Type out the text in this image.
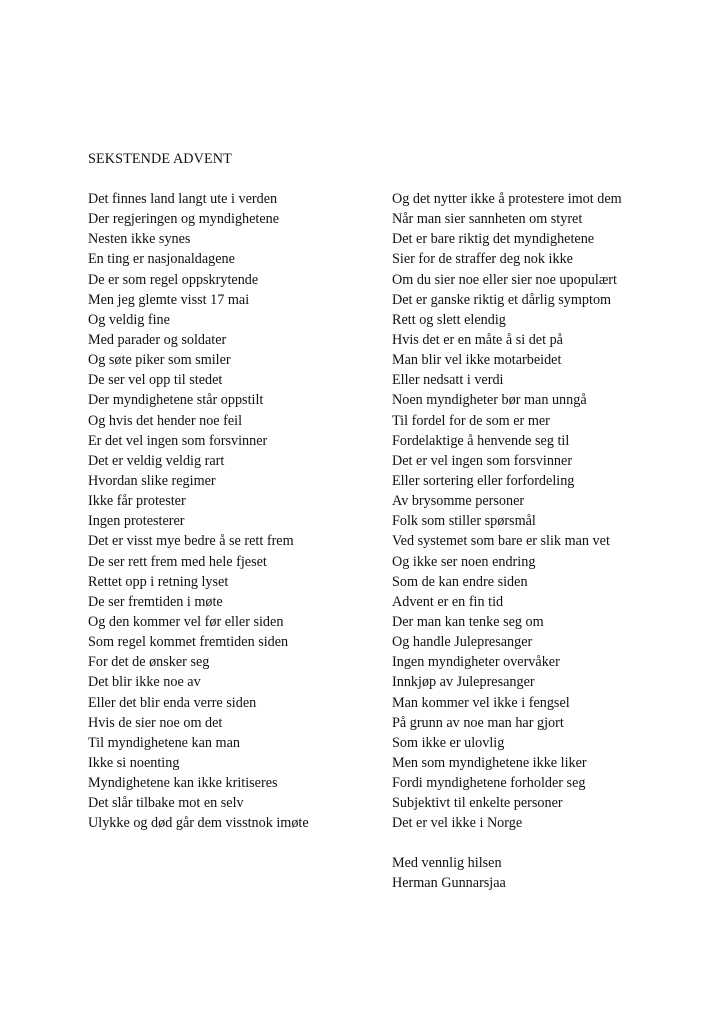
SEKSTENDE ADVENT
Det finnes land langt ute i verden
Der regjeringen og myndighetene
Nesten ikke synes
En ting er nasjonaldagene
De er som regel oppskrytende
Men jeg glemte visst 17 mai
Og veldig fine
Med parader og soldater
Og søte piker som smiler
De ser vel opp til stedet
Der myndighetene står oppstilt
Og hvis det hender noe feil
Er det vel ingen som forsvinner
Det er veldig veldig rart
Hvordan slike regimer
Ikke får protester
Ingen protesterer
Det er visst mye bedre å se rett frem
De ser rett frem med hele fjeset
Rettet opp i retning lyset
De ser fremtiden i møte
Og den kommer vel før eller siden
Som regel kommet fremtiden siden
For det de ønsker seg
Det blir ikke noe av
Eller det blir enda verre siden
Hvis de sier noe om det
Til myndighetene kan man
Ikke si noenting
Myndighetene kan ikke kritiseres
Det slår tilbake mot en selv
Ulykke og død går dem visstnok imøte
Og det nytter ikke å protestere imot dem
Når man sier sannheten om styret
Det er bare riktig det myndighetene
Sier for de straffer deg nok ikke
Om du sier noe eller sier noe upopulært
Det er ganske riktig et dårlig symptom
Rett og slett elendig
Hvis det er en måte å si det på
Man blir vel ikke motarbeidet
Eller nedsatt i verdi
Noen myndigheter bør man unngå
Til fordel for de som er mer
Fordelaktige å henvende seg til
Det er vel ingen som forsvinner
Eller sortering eller forfordeling
Av brysomme personer
Folk som stiller spørsmål
Ved systemet som bare er slik man vet
Og ikke ser noen endring
Som de kan endre siden
Advent er en fin tid
Der man kan tenke seg om
Og handle Julepresanger
Ingen myndigheter overvåker
Innkjøp av Julepresanger
Man kommer vel ikke i fengsel
På grunn av noe man har gjort
Som ikke er ulovlig
Men som myndighetene ikke liker
Fordi myndighetene forholder seg
Subjektivt til enkelte personer
Det er vel ikke i Norge
Med vennlig hilsen
Herman Gunnarsjaa
